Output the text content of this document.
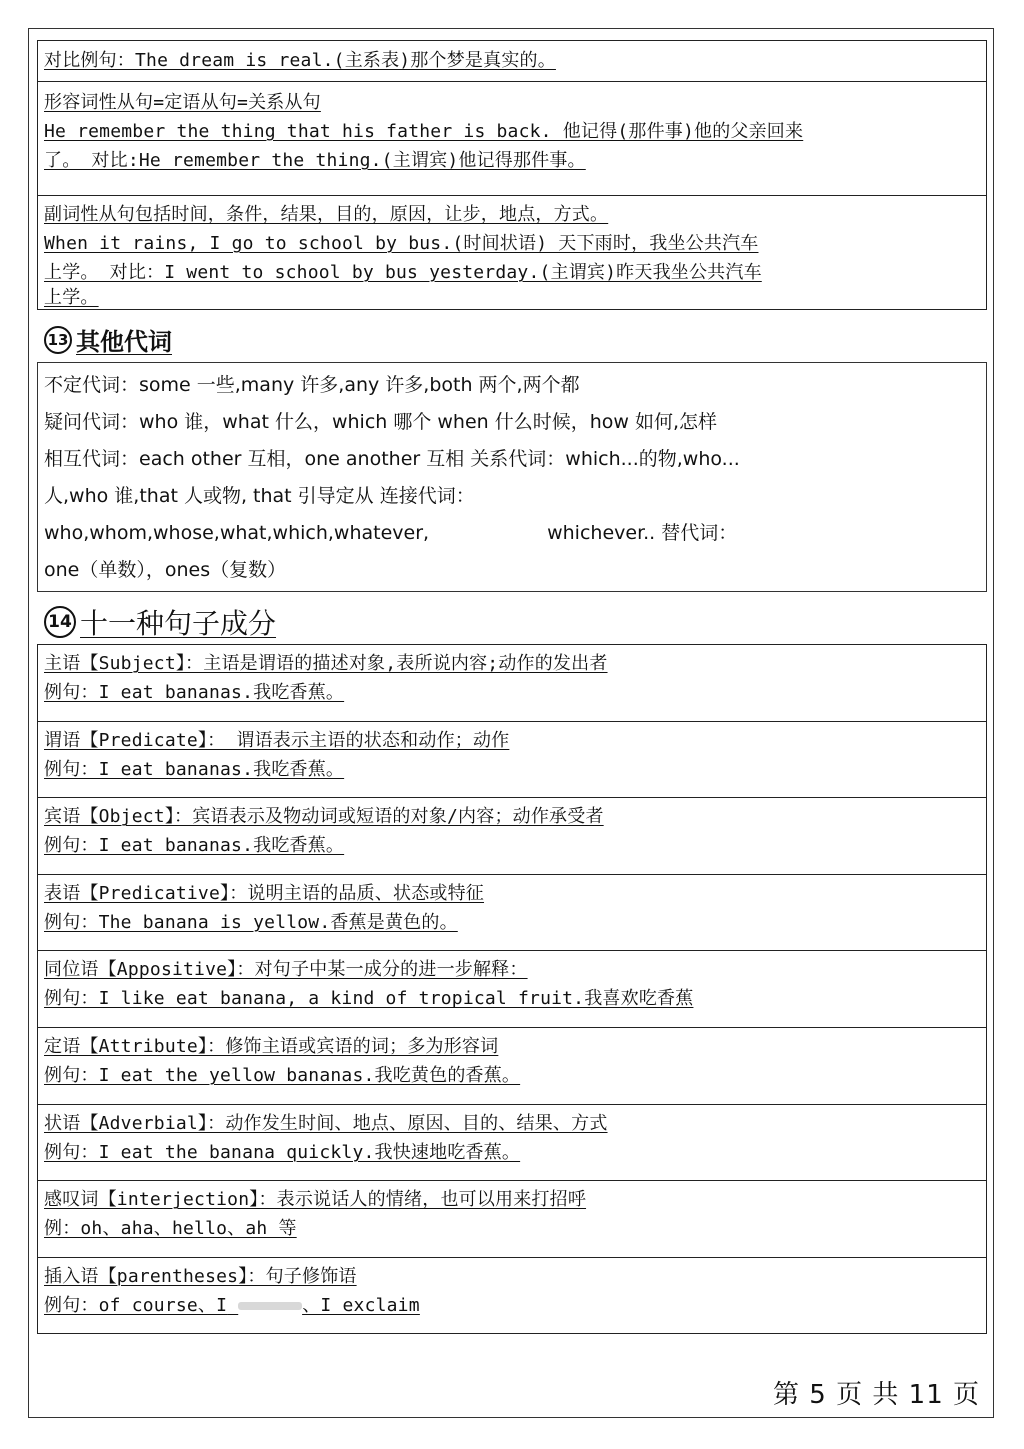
对比例句：The dream is real.(主系表)那个梦是真实的。
形容词性从句=定语从句=关系从句
He remember the thing that his father is back. 他记得(那件事)他的父亲回来
了。 对比:He remember the thing.(主谓宾)他记得那件事。
副词性从句包括时间，条件，结果，目的，原因，让步，地点，方式。
When it rains, I go to school by bus.(时间状语) 天下雨时，我坐公共汽车
上学。 对比：I went to school by bus yesterday.(主谓宾)昨天我坐公共汽车
上学。
13 其他代词
不定代词：some 一些,many 许多,any 许多,both 两个,两个都
疑问代词：who 谁，what 什么，which 哪个 when 什么时候，how 如何,怎样
相互代词：each other 互相，one another 互相 关系代词：which...的物,who...
人,who 谁,that 人或物, that 引导定从 连接代词：
who,whom,whose,what,which,whatever,	whichever.. 替代词：
one（单数），ones（复数）
14 十一种句子成分
主语【Subject】：主语是谓语的描述对象,表所说内容;动作的发出者
例句：I eat bananas.我吃香蕉。
谓语【Predicate】： 谓语表示主语的状态和动作；动作
例句：I eat bananas.我吃香蕉。
宾语【Object】：宾语表示及物动词或短语的对象/内容；动作承受者
例句：I eat bananas.我吃香蕉。
表语【Predicative】：说明主语的品质、状态或特征
例句：The banana is yellow.香蕉是黄色的。
同位语【Appositive】：对句子中某一成分的进一步解释：
例句：I like eat banana, a kind of tropical fruit.我喜欢吃香蕉
定语【Attribute】：修饰主语或宾语的词；多为形容词
例句：I eat the yellow bananas.我吃黄色的香蕉。
状语【Adverbial】：动作发生时间、地点、原因、目的、结果、方式
例句：I eat the banana quickly.我快速地吃香蕉。
感叹词【interjection】：表示说话人的情绪，也可以用来打招呼
例：oh、aha、hello、ah 等
插入语【parentheses】：句子修饰语
例句：of course、I	、I exclaim
第 5 页 共 11 页
